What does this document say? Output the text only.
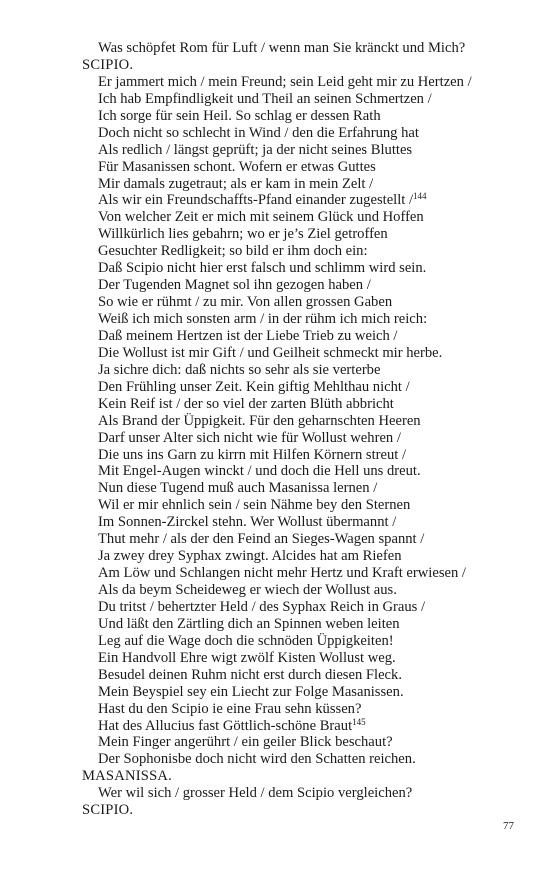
Was schöpfet Rom für Luft / wenn man Sie kränckt und Mich?
SCIPIO.
Er jammert mich / mein Freund; sein Leid geht mir zu Hertzen /
Ich hab Empfindligkeit und Theil an seinen Schmertzen /
Ich sorge für sein Heil. So schlag er dessen Rath
Doch nicht so schlecht in Wind / den die Erfahrung hat
Als redlich / längst geprüft; ja der nicht seines Bluttes
Für Masanissen schont. Wofern er etwas Guttes
Mir damals zugetraut; als er kam in mein Zelt /
Als wir ein Freundschaffts-Pfand einander zugestellt /$^{144}$
Von welcher Zeit er mich mit seinem Glück und Hoffen
Willkürlich lies gebahrn; wo er je’s Ziel getroffen
Gesuchter Redligkeit; so bild er ihm doch ein:
Daß Scipio nicht hier erst falsch und schlimm wird sein.
Der Tugenden Magnet sol ihn gezogen haben /
So wie er rühmt / zu mir. Von allen grossen Gaben
Weiß ich mich sonsten arm / in der rühm ich mich reich:
Daß meinem Hertzen ist der Liebe Trieb zu weich /
Die Wollust ist mir Gift / und Geilheit schmeckt mir herbe.
Ja sichre dich: daß nichts so sehr als sie verterbe
Den Frühling unser Zeit. Kein giftig Mehlthau nicht /
Kein Reif ist / der so viel der zarten Blüth abbricht
Als Brand der Üppigkeit. Für den geharnschten Heeren
Darf unser Alter sich nicht wie für Wollust wehren /
Die uns ins Garn zu kirrn mit Hilfen Körnern streut /
Mit Engel-Augen winckt / und doch die Hell uns dreut.
Nun diese Tugend muß auch Masanissa lernen /
Wil er mir ehnlich sein / sein Nähme bey den Sternen
Im Sonnen-Zirckel stehn. Wer Wollust übermannt /
Thut mehr / als der den Feind an Sieges-Wagen spannt /
Ja zwey drey Syphax zwingt. Alcides hat am Riefen
Am Löw und Schlangen nicht mehr Hertz und Kraft erwiesen /
Als da beym Scheideweg er wiech der Wollust aus.
Du tritst / behertzter Held / des Syphax Reich in Graus /
Und läßt den Zärtling dich an Spinnen weben leiten
Leg auf die Wage doch die schnöden Üppigkeiten!
Ein Handvoll Ehre wigt zwölf Kisten Wollust weg.
Besudel deinen Ruhm nicht erst durch diesen Fleck.
Mein Beyspiel sey ein Liecht zur Folge Masanissen.
Hast du den Scipio ie eine Frau sehn küssen?
Hat des Allucius fast Göttlich-schöne Braut$^{145}$
Mein Finger angerührt / ein geiler Blick beschaut?
Der Sophonisbe doch nicht wird den Schatten reichen.
MASANISSA.
Wer wil sich / grosser Held / dem Scipio vergleichen?
SCIPIO.
77
